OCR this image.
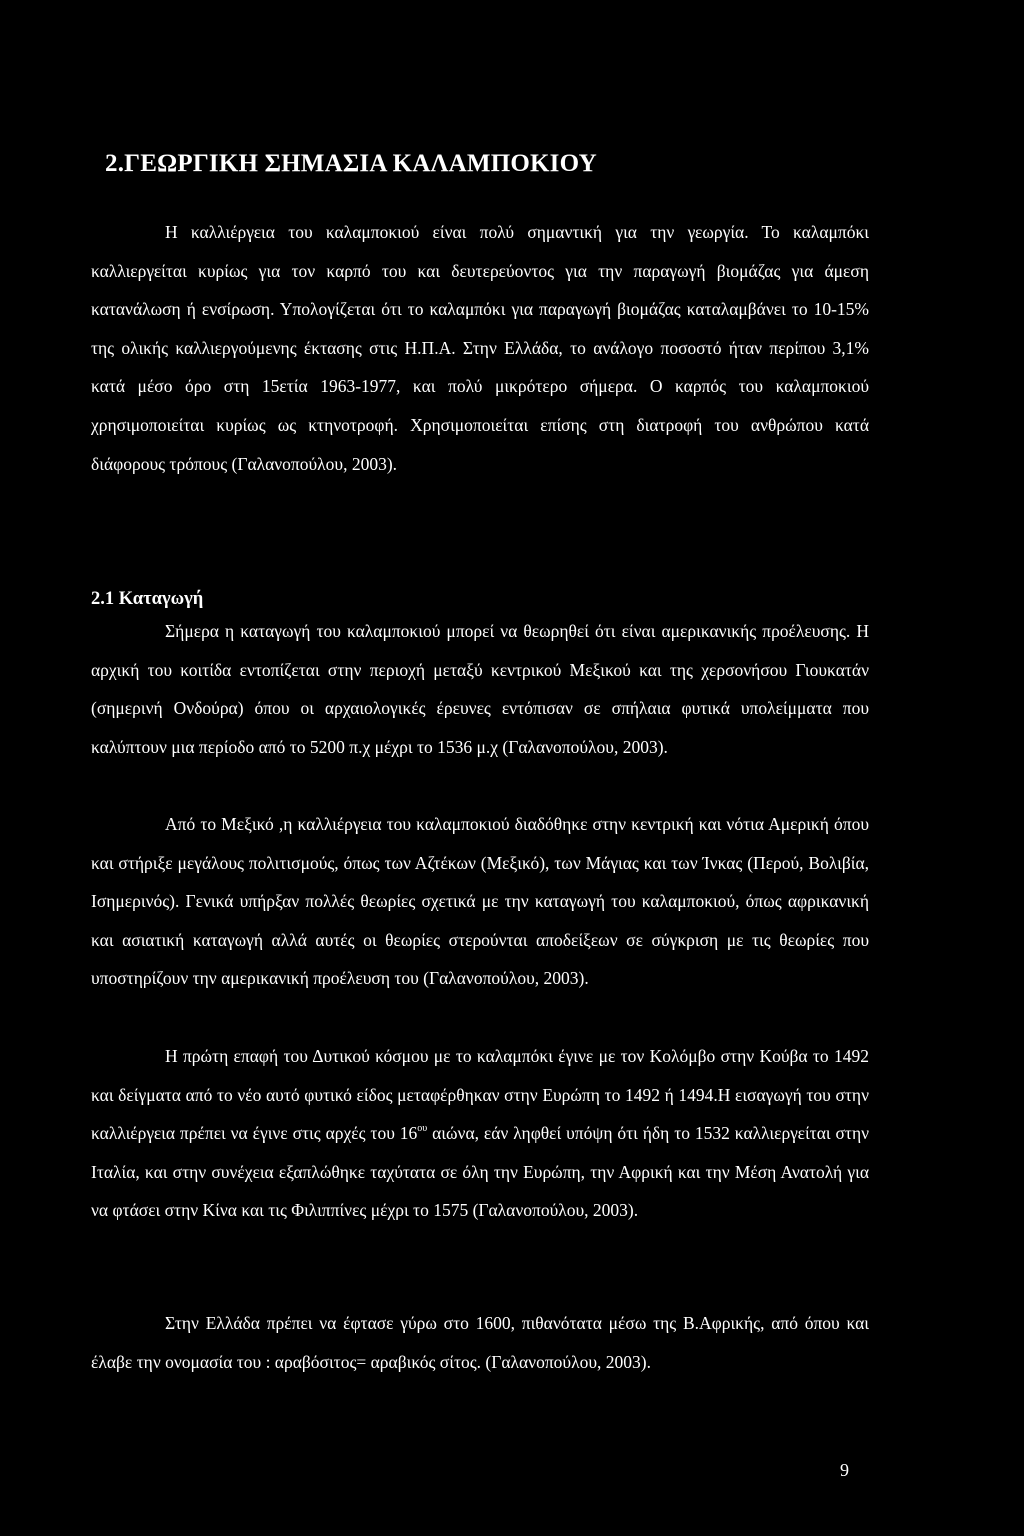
2.ΓΕΩΡΓΙΚΗ ΣΗΜΑΣΙΑ ΚΑΛΑΜΠΟΚΙΟΥ

Η καλλιέργεια του καλαμποκιού είναι πολύ σημαντική για την γεωργία. Το καλαμπόκι καλλιεργείται κυρίως για τον καρπό του και δευτερεύοντος για την παραγωγή βιομάζας για άμεση κατανάλωση ή ενσίρωση. Υπολογίζεται ότι το καλαμπόκι για παραγωγή βιομάζας καταλαμβάνει το 10-15% της ολικής καλλιεργούμενης έκτασης στις Η.Π.Α. Στην Ελλάδα, το ανάλογο ποσοστό ήταν περίπου 3,1% κατά μέσο όρο στη 15ετία 1963-1977, και πολύ μικρότερο σήμερα. Ο καρπός του καλαμποκιού χρησιμοποιείται κυρίως ως κτηνοτροφή. Χρησιμοποιείται επίσης στη διατροφή του ανθρώπου κατά διάφορους τρόπους (Γαλανοπούλου, 2003).

2.1 Καταγωγή

Σήμερα η καταγωγή του καλαμποκιού μπορεί να θεωρηθεί ότι είναι αμερικανικής προέλευσης. Η αρχική του κοιτίδα εντοπίζεται στην περιοχή μεταξύ κεντρικού Μεξικού και της χερσονήσου Γιουκατάν (σημερινή Ονδούρα) όπου οι αρχαιολογικές έρευνες εντόπισαν σε σπήλαια φυτικά υπολείμματα που καλύπτουν μια περίοδο από το 5200 π.χ μέχρι το 1536 μ.χ (Γαλανοπούλου, 2003).

Από το Μεξικό ,η καλλιέργεια του καλαμποκιού διαδόθηκε στην κεντρική και νότια Αμερική όπου και στήριξε μεγάλους πολιτισμούς, όπως των Αζτέκων (Μεξικό), των Μάγιας και των Ίνκας (Περού, Βολιβία, Ισημερινός). Γενικά υπήρξαν πολλές θεωρίες σχετικά με την καταγωγή του καλαμποκιού, όπως αφρικανική και ασιατική καταγωγή αλλά αυτές οι θεωρίες στερούνται αποδείξεων σε σύγκριση με τις θεωρίες που υποστηρίζουν την αμερικανική προέλευση του (Γαλανοπούλου, 2003).

Η πρώτη επαφή του Δυτικού κόσμου με το καλαμπόκι έγινε με τον Κολόμβο στην Κούβα το 1492 και δείγματα από το νέο αυτό φυτικό είδος μεταφέρθηκαν στην Ευρώπη το 1492 ή 1494.Η εισαγωγή του στην καλλιέργεια πρέπει να έγινε στις αρχές του $16^{o\upsilon}$ αιώνα, εάν ληφθεί υπόψη ότι ήδη το 1532 καλλιεργείται στην Ιταλία, και στην συνέχεια εξαπλώθηκε ταχύτατα σε όλη την Ευρώπη, την Αφρική και την Μέση Ανατολή για να φτάσει στην Κίνα και τις Φιλιππίνες μέχρι το 1575 (Γαλανοπούλου, 2003).

Στην Ελλάδα πρέπει να έφτασε γύρω στο 1600, πιθανότατα μέσω της Β.Αφρικής, από όπου και έλαβε την ονομασία του : αραβόσιτος= αραβικός σίτος. (Γαλανοπούλου, 2003).

9
